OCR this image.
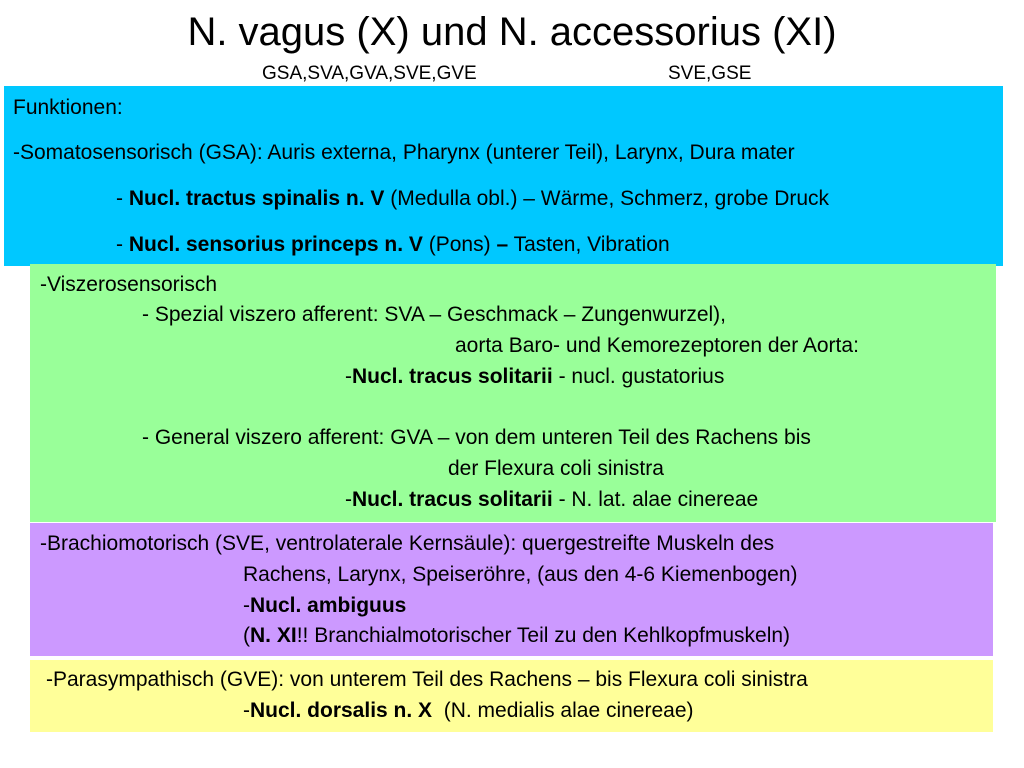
N. vagus (X) und N. accessorius (XI)
GSA,SVA,GVA,SVE,GVE	SVE,GSE
Funktionen:
-Somatosensorisch (GSA): Auris externa, Pharynx (unterer Teil), Larynx, Dura mater
- Nucl. tractus spinalis n. V (Medulla obl.) – Wärme, Schmerz, grobe Druck
- Nucl. sensorius princeps n. V (Pons) – Tasten, Vibration
-Viszerosensorisch
- Spezial viszero afferent: SVA – Geschmack – Zungenwurzel),
aorta Baro- und Kemorezeptoren der Aorta:
-Nucl. tracus solitarii - nucl. gustatorius
- General viszero afferent: GVA – von dem unteren Teil des Rachens bis
der Flexura coli sinistra
-Nucl. tracus solitarii - N. lat. alae cinereae
-Brachiomotorisch (SVE, ventrolaterale Kernsäule): quergestreifte Muskeln des
Rachens, Larynx, Speiseröhre, (aus den 4-6 Kiemenbogen)
-Nucl. ambiguus
(N. XI!! Branchialmotorischer Teil zu den Kehlkopfmuskeln)
-Parasympathisch (GVE): von unterem Teil des Rachens – bis Flexura coli sinistra
-Nucl. dorsalis n. X  (N. medialis alae cinereae)
